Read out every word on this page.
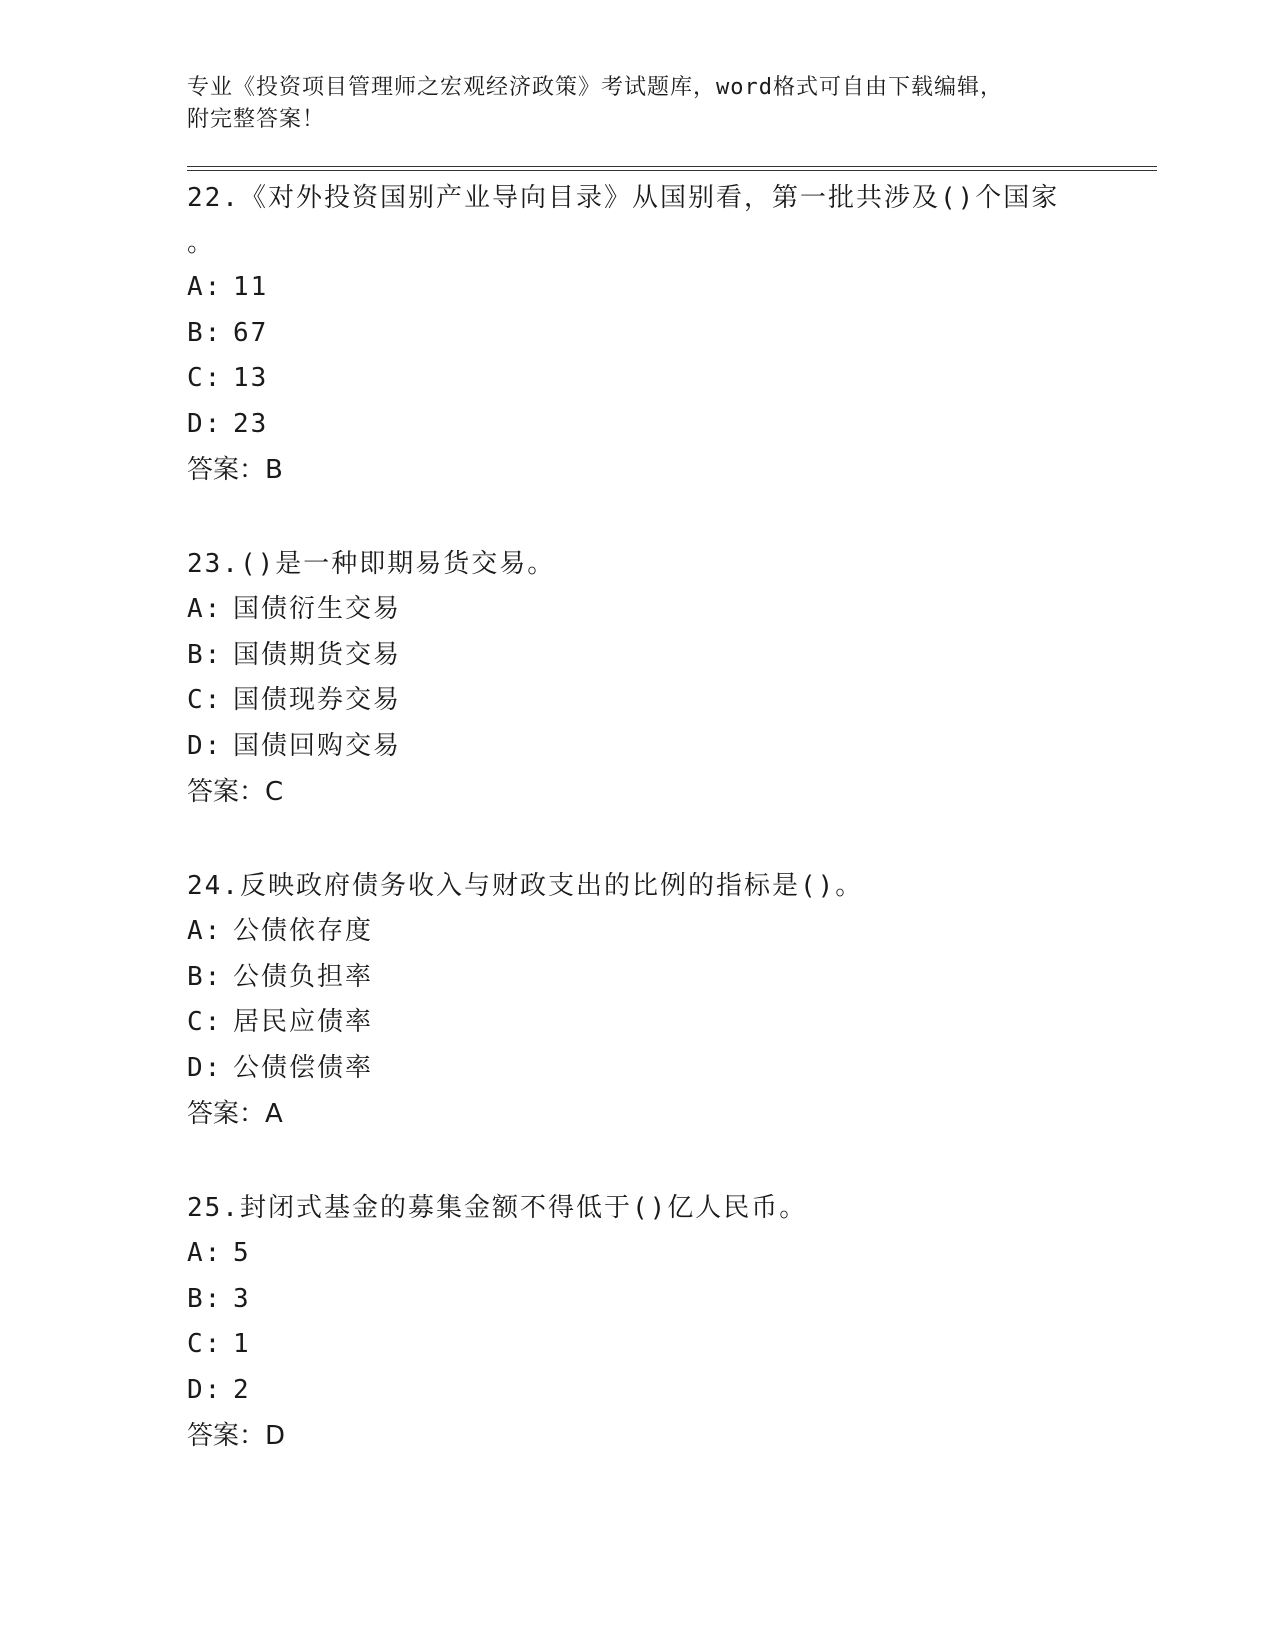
专业《投资项目管理师之宏观经济政策》考试题库，word格式可自由下载编辑，
附完整答案！
22.《对外投资国别产业导向目录》从国别看，第一批共涉及()个国家
。
A: 11
B: 67
C: 13
D: 23
答案：B
23.()是一种即期易货交易。
A: 国债衍生交易
B: 国债期货交易
C: 国债现券交易
D: 国债回购交易
答案：C
24.反映政府债务收入与财政支出的比例的指标是()。
A: 公债依存度
B: 公债负担率
C: 居民应债率
D: 公债偿债率
答案：A
25.封闭式基金的募集金额不得低于()亿人民币。
A: 5
B: 3
C: 1
D: 2
答案：D
